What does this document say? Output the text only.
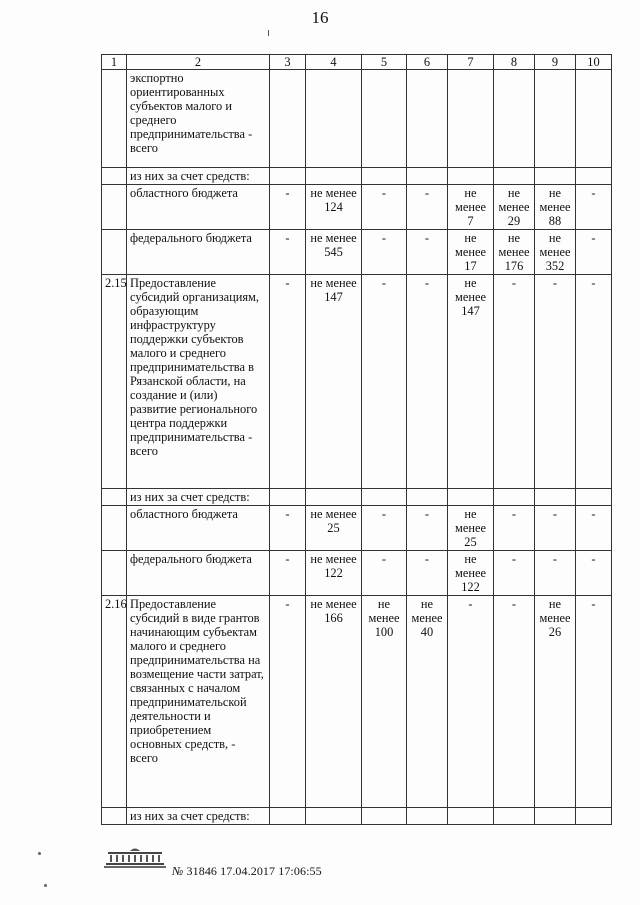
16
1	2	3	4	5	6	7	8	9	10
	экспортно ориентированных субъектов малого и среднего предпринимательства - всего								
	из них за счет средств:								
	областного бюджета	-	не менее 124	-	-	не менее 7	не менее 29	не менее 88	-
	федерального бюджета	-	не менее 545	-	-	не менее 17	не менее 176	не менее 352	-
2.15	Предоставление субсидий организациям, образующим инфраструктуру поддержки субъектов малого и среднего предпринимательства в Рязанской области, на создание и (или) развитие регионального центра поддержки предпринимательства - всего	-	не менее 147	-	-	не менее 147	-	-	-
	из них за счет средств:								
	областного бюджета	-	не менее 25	-	-	не менее 25	-	-	-
	федерального бюджета	-	не менее 122	-	-	не менее 122	-	-	-
2.16	Предоставление субсидий в виде грантов начинающим субъектам малого и среднего предпринимательства на возмещение части затрат, связанных с началом предпринимательской деятельности и приобретением основных средств, - всего	-	не менее 166	не менее 100	не менее 40	-	-	не менее 26	-
	из них за счет средств:								
№ 31846 17.04.2017 17:06:55
